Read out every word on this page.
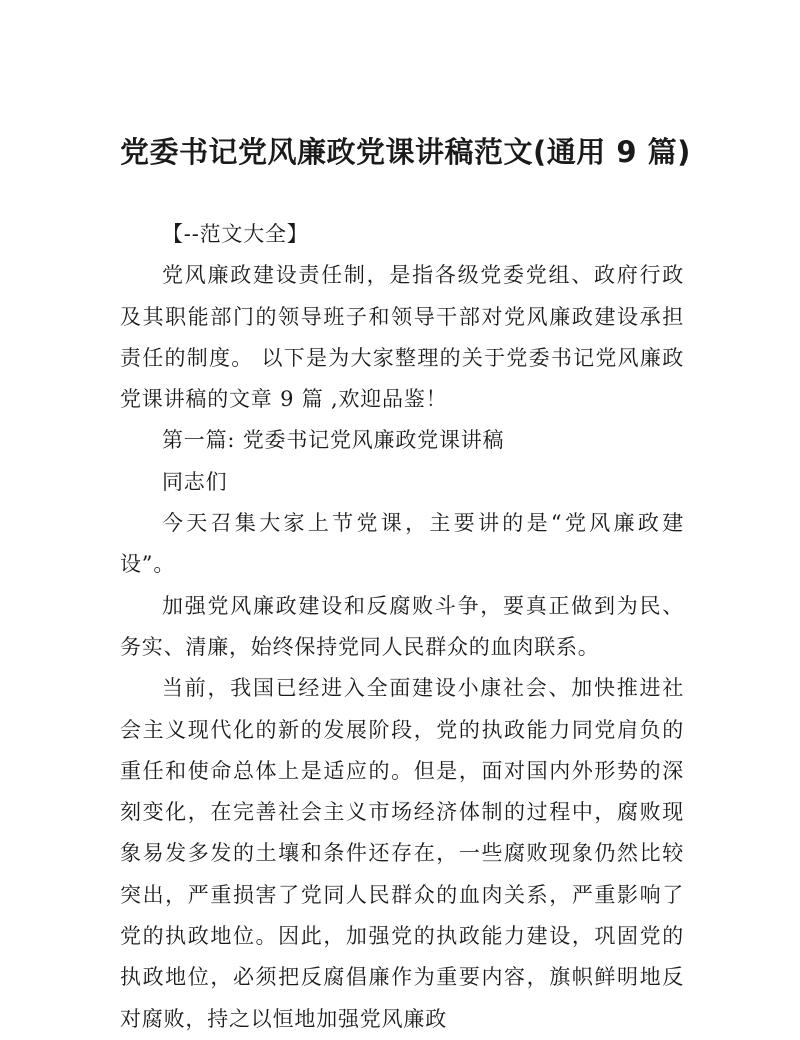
党委书记党风廉政党课讲稿范文(通用 9 篇)

【--范文大全】

党风廉政建设责任制，是指各级党委党组、政府行政及其职能部门的领导班子和领导干部对党风廉政建设承担责任的制度。 以下是为大家整理的关于党委书记党风廉政党课讲稿的文章 9 篇 ,欢迎品鉴！

第一篇: 党委书记党风廉政党课讲稿

同志们

今天召集大家上节党课，主要讲的是“党风廉政建设”。

加强党风廉政建设和反腐败斗争，要真正做到为民、务实、清廉，始终保持党同人民群众的血肉联系。

当前，我国已经进入全面建设小康社会、加快推进社会主义现代化的新的发展阶段，党的执政能力同党肩负的重任和使命总体上是适应的。但是，面对国内外形势的深刻变化，在完善社会主义市场经济体制的过程中，腐败现象易发多发的土壤和条件还存在，一些腐败现象仍然比较突出，严重损害了党同人民群众的血肉关系，严重影响了党的执政地位。因此，加强党的执政能力建设，巩固党的执政地位，必须把反腐倡廉作为重要内容，旗帜鲜明地反对腐败，持之以恒地加强党风廉政
